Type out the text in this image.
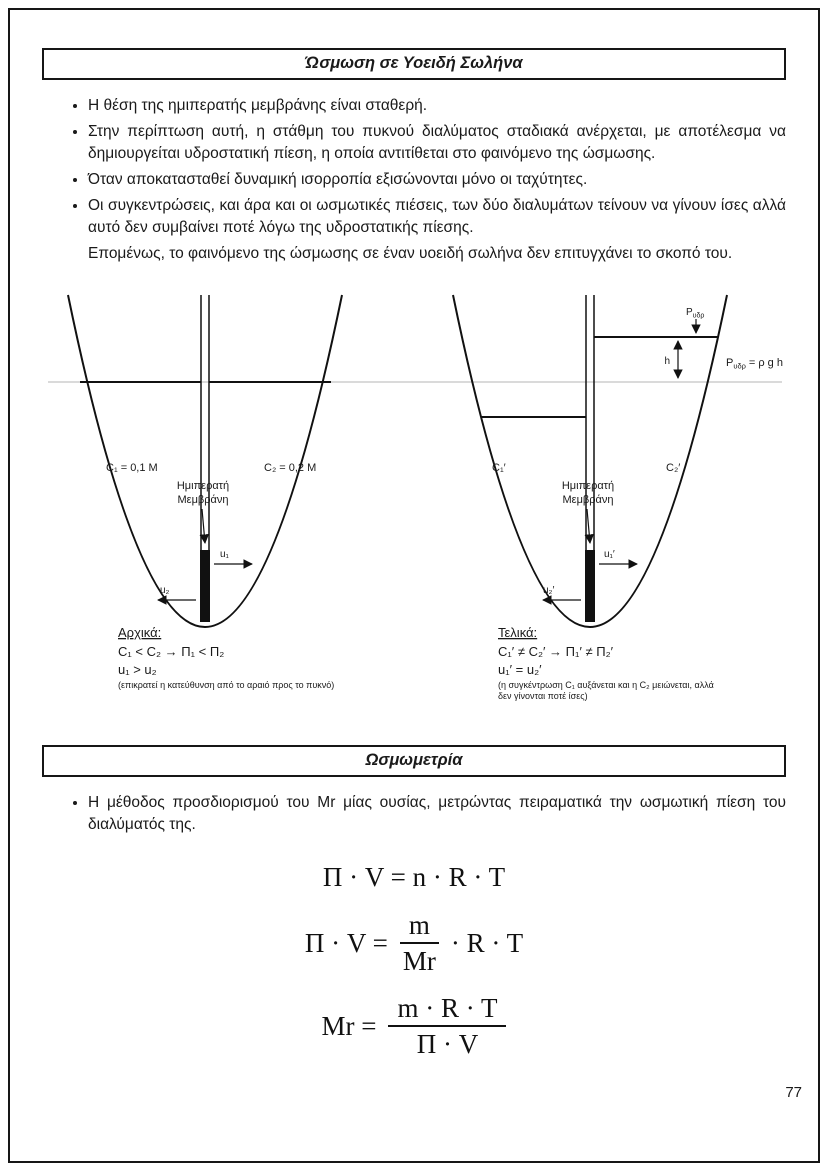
Ώσμωση σε Υοειδή Σωλήνα
• Η θέση της ημιπερατής μεμβράνης είναι σταθερή.
• Στην περίπτωση αυτή, η στάθμη του πυκνού διαλύματος σταδιακά ανέρχεται, με αποτέλεσμα να δημιουργείται υδροστατική πίεση, η οποία αντιτίθεται στο φαινόμενο της ώσμωσης.
• Όταν αποκατασταθεί δυναμική ισορροπία εξισώνονται μόνο οι ταχύτητες.
• Οι συγκεντρώσεις, και άρα και οι ωσμωτικές πιέσεις, των δύο διαλυμάτων τείνουν να γίνουν ίσες αλλά αυτό δεν συμβαίνει ποτέ λόγω της υδροστατικής πίεσης.
Επομένως, το φαινόμενο της ώσμωσης σε έναν υοειδή σωλήνα δεν επιτυγχάνει το σκοπό του.
C₁ = 0,1 M	C₂ = 0,2 M
Ημιπερατή
Μεμβράνη
u₁
u₂
Αρχικά:
C₁ < C₂ → Π₁ < Π₂
u₁ > u₂
(επικρατεί η κατεύθυνση από το αραιό προς το πυκνό)
$P_{\upsilon\delta\rho}$
h	$P_{\upsilon\delta\rho} = \rho$ g h
C₁′	C₂′
Ημιπερατή
Μεμβράνη
u₁′
u₂′
Τελικά:
C₁′ ≠ C₂′ → Π₁′ ≠ Π₂′
u₁′ = u₂′
(η συγκέντρωση C₁ αυξάνεται και η C₂ μειώνεται, αλλά
δεν γίνονται ποτέ ίσες)
Ωσμωμετρία
• Η μέθοδος προσδιορισμού του Mr μίας ουσίας, μετρώντας πειραματικά την ωσμωτική πίεση του διαλύματός της.
Π · V = n · R · T
$\Pi \cdot V = \frac{m}{Mr} \cdot R \cdot T$
$Mr = \frac{m \cdot R \cdot T}{\Pi \cdot V}$
77
